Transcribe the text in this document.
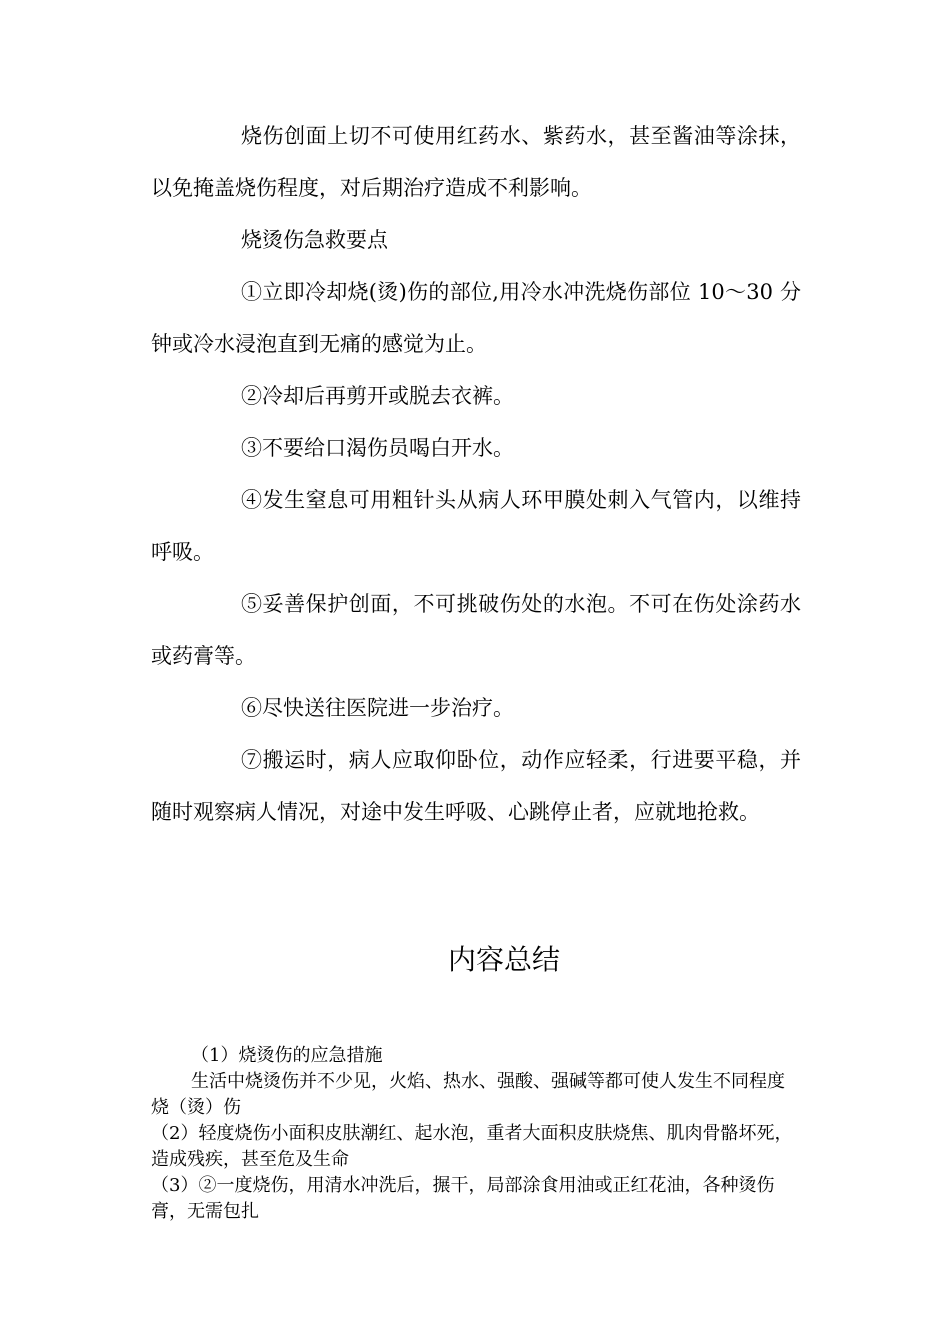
烧伤创面上切不可使用红药水、紫药水，甚至酱油等涂抹，以免掩盖烧伤程度，对后期治疗造成不利影响。

烧烫伤急救要点

①立即冷却烧(烫)伤的部位,用冷水冲洗烧伤部位 10～30 分钟或冷水浸泡直到无痛的感觉为止。

②冷却后再剪开或脱去衣裤。

③不要给口渴伤员喝白开水。

④发生窒息可用粗针头从病人环甲膜处刺入气管内，以维持呼吸。

⑤妥善保护创面，不可挑破伤处的水泡。不可在伤处涂药水或药膏等。

⑥尽快送往医院进一步治疗。

⑦搬运时，病人应取仰卧位，动作应轻柔，行进要平稳，并随时观察病人情况，对途中发生呼吸、心跳停止者，应就地抢救。

内容总结

（1）烧烫伤的应急措施

生活中烧烫伤并不少见，火焰、热水、强酸、强碱等都可使人发生不同程度烧（烫）伤

（2）轻度烧伤小面积皮肤潮红、起水泡，重者大面积皮肤烧焦、肌肉骨骼坏死，造成残疾，甚至危及生命

（3）②一度烧伤，用清水冲洗后，搌干，局部涂食用油或正红花油，各种烫伤膏，无需包扎
